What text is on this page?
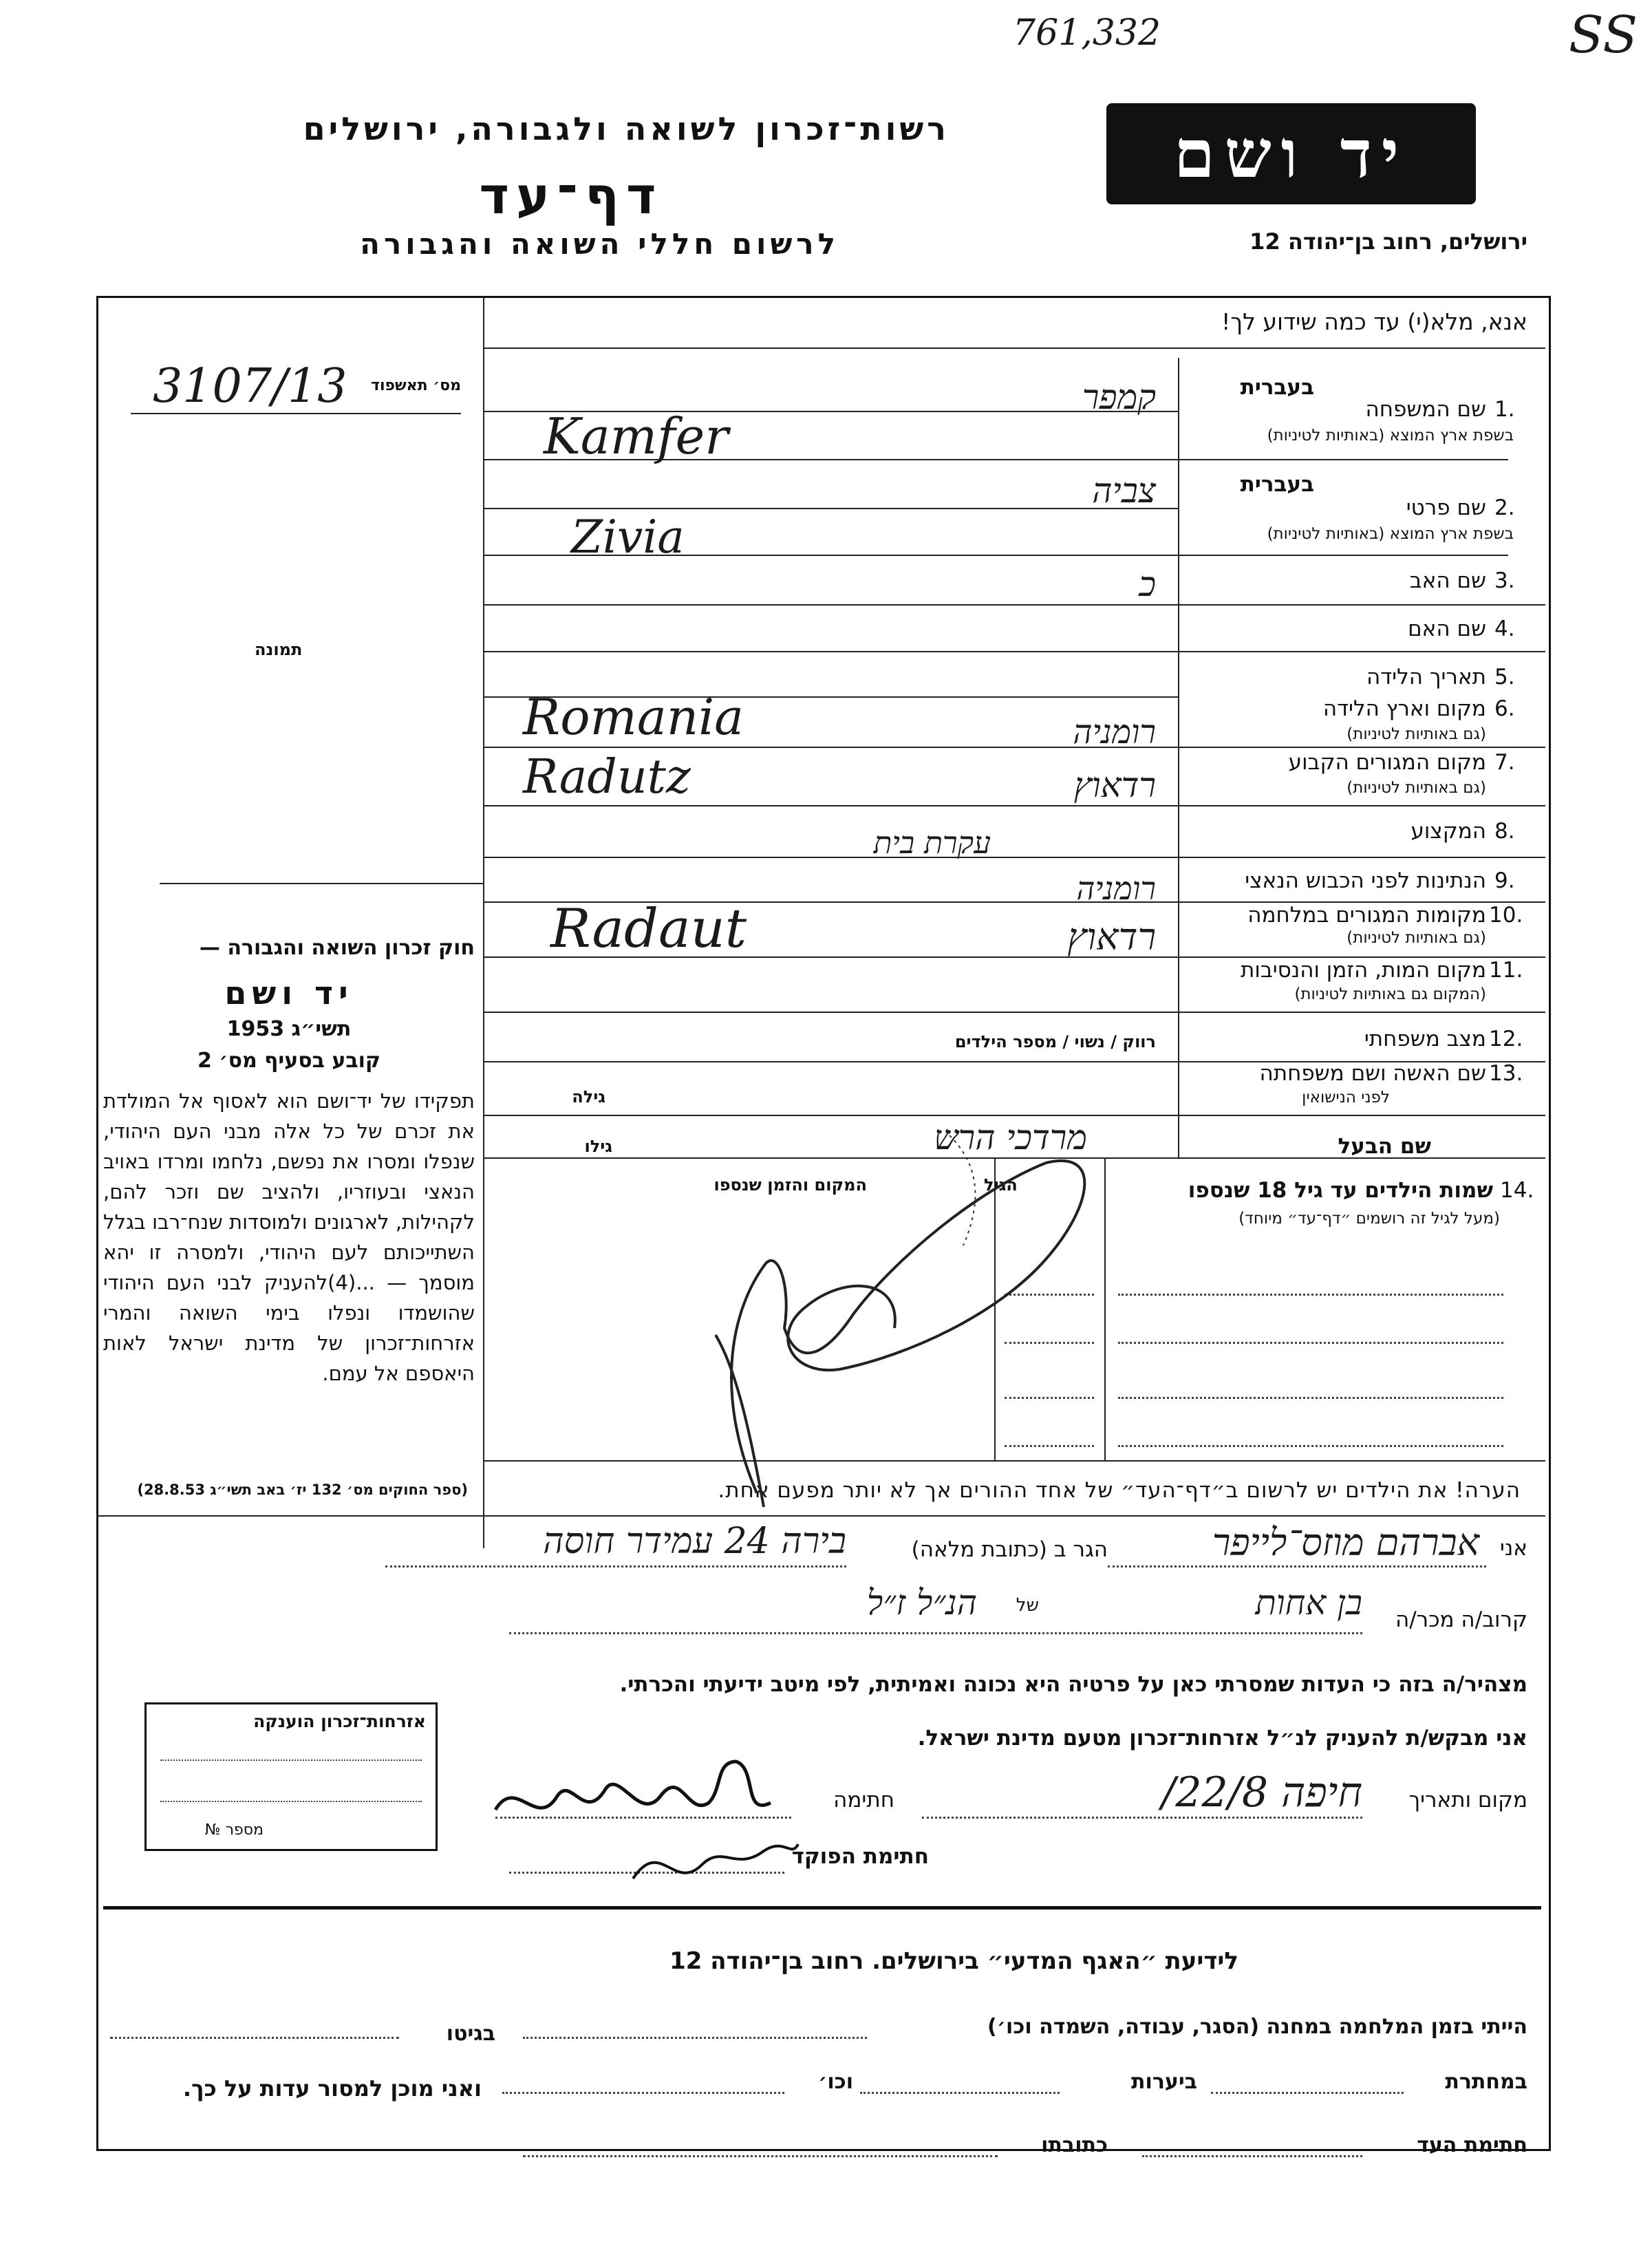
761,332	SS
רשות־זכרון לשואה ולגבורה, ירושלים
דף־עד
לרשום חללי השואה והגבורה
יד ושם
ירושלים, רחוב בן־יהודה 12
אנא, מלא(י) עד כמה שידוע לך!
מס׳ תאשפוד
3107/13
תמונה
בעברית
שם המשפחה 1.
בשפת ארץ המוצא (באותיות לטיניות)
קמפר
Kamfer
בעברית
שם פרטי 2.
בשפת ארץ המוצא (באותיות לטיניות)
צביה
Zivia
שם האב 3.
כ
שם האם 4.
תאריך הלידה 5.
מקום וארץ הלידה 6.
(גם באותיות לטיניות)
רומניה
Romania
מקום המגורים הקבוע 7.
(גם באותיות לטיניות)
רדאוץ
Radutz
המקצוע 8.
עקרת בית
הנתינות לפני הכבוש הנאצי 9.
רומניה
מקומות המגורים במלחמה 10.
(גם באותיות לטיניות)
רדאוץ
Radaut
מקום המות, הזמן והנסיבות 11.
(המקום גם באותיות לטיניות)
מצב משפחתי 12.
רווק / נשוי / מספר הילדים
שם האשה ושם משפחתה 13.
לפני הנישואין
גילה
שם הבעל
מרדכי הרש
גילו
14.
שמות הילדים עד גיל 18 שנספו
(מעל לגיל זה רושמים ״דף־עד״ מיוחד)
הגיל
המקום והזמן שנספו
הערה! את הילדים יש לרשום ב״דף־העד״ של אחד ההורים אך לא יותר מפעם אחת.
חוק זכרון השואה והגבורה —
יד ושם
תשי״ג 1953
קובע בסעיף מס׳ 2
תפקידו של יד־ושם הוא לאסוף אל המולדת את זכרם של כל אלה מבני העם היהודי, שנפלו ומסרו את נפשם, נלחמו ומרדו באויב הנאצי ובעוזריו, ולהציב שם וזכר להם, לקהילות, לארגונים ולמוסדות שנח־רבו בגלל השתייכותם לעם היהודי, ולמסרה זו יהא מוסמך — ...(4)להעניק לבני העם היהודי שהושמדו ונפלו בימי השואה והמרי אזרחות־זכרון של מדינת ישראל לאות היאספם אל עמם.
(ספר החוקים מס׳ 132 יז׳ באב תשי״ג 28.8.53)
אני
אברהם מוזס־לייפר
הגר ב (כתובת מלאה)
בירה 24 עמידר חוסה
קרוב/ה מכר/ה
בן אחות
של
הנ״ל ז״ל
מצהיר/ה בזה כי העדות שמסרתי כאן על פרטיה היא נכונה ואמיתית, לפי מיטב ידיעתי והכרתי.
אני מבקש/ת להעניק לנ״ל אזרחות־זכרון מטעם מדינת ישראל.
מקום ותאריך
חיפה 22/8/
חתימה
חתימת הפוקד
אזרחות־זכרון הוענקה
מספר №
לידיעת ״האגף המדעי״ בירושלים. רחוב בן־יהודה 12
הייתי בזמן המלחמה במחנה (הסגר, עבודה, השמדה וכו׳)
בגיטו
במחתרת
ביערות
וכו׳
ואני מוכן למסור עדות על כך.
חתימת העד
כתובתו
